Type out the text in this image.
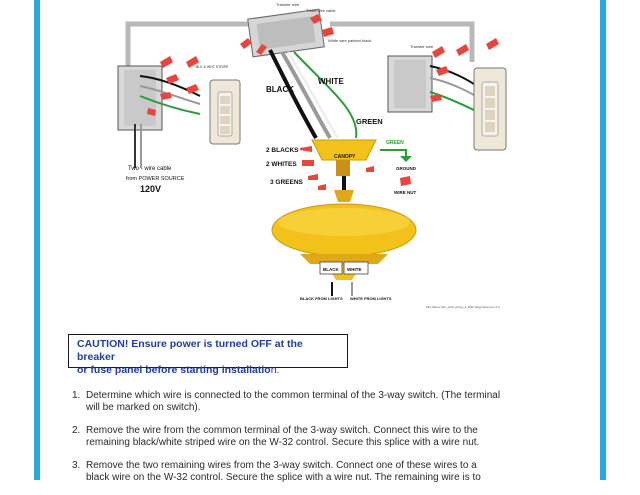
Transfer wire
Three wire cable
White wire painted black
Transfer wire
BLK & WHT STRIPE
BLACK
WHITE
GREEN
GREEN
2 BLACKS
2 WHITES
3 GREENS
CANOPY
GROUND
WIRE NUT
Two - wire cable
from POWER SOURCE
120V
BLACK WHITE
BLACK FROM LIGHTS WHITE FROM LIGHTS
File Name: [fan_w32_wiring_3_WAY.dwg] sheet rev 4.0
CAUTION! Ensure power is turned OFF at the breaker
or fuse panel before starting installation.
1. Determine which wire is connected to the common terminal of the 3-way switch. (The terminal will be marked on switch).
2. Remove the wire from the common terminal of the 3-way switch. Connect this wire to the remaining black/white striped wire on the W-32 control. Secure this splice with a wire nut.
3. Remove the two remaining wires from the 3-way switch. Connect one of these wires to a black wire on the W-32 control. Secure the splice with a wire nut. The remaining wire is to
